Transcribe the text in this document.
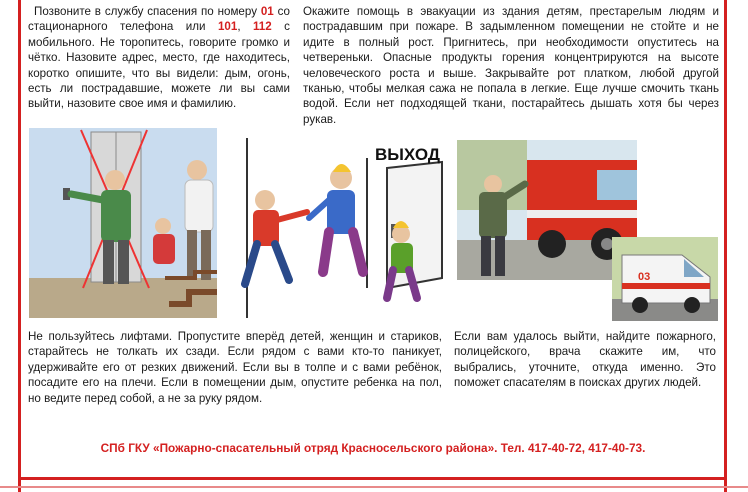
Позвоните в службу спасения по номеру 01 со стационарного телефона или 101, 112 с мобильного. Не торопитесь, говорите громко и чётко. Назовите адрес, место, где находитесь, коротко опишите, что вы видели: дым, огонь, есть ли пострадавшие, можете ли вы сами выйти, назовите свое имя и фамилию.
Окажите помощь в эвакуации из здания детям, престарелым людям и пострадавшим при пожаре. В задымленном помещении не стойте и не идите в полный рост. Пригнитесь, при необходимости опуститесь на четвереньки. Опасные продукты горения концентрируются на высоте человеческого роста и выше. Закрывайте рот платком, любой другой тканью, чтобы мелкая сажа не попала в легкие. Еще лучше смочить ткань водой. Если нет подходящей ткани, постарайтесь дышать хотя бы через рукав.
ВЫХОД
03
Не пользуйтесь лифтами. Пропустите вперёд детей, женщин и стариков, старайтесь не толкать их сзади. Если рядом с вами кто-то паникует, удерживайте его от резких движений. Если вы в толпе и с вами ребёнок, посадите его на плечи. Если в помещении дым, опустите ребенка на пол, но ведите перед собой, а не за руку рядом.
Если вам удалось выйти, найдите пожарного, полицейского, врача скажите им, что выбрались, уточните, откуда именно. Это поможет спасателям в поисках других людей.
СПб ГКУ «Пожарно-спасательный отряд Красносельского района». Тел. 417-40-72, 417-40-73.
